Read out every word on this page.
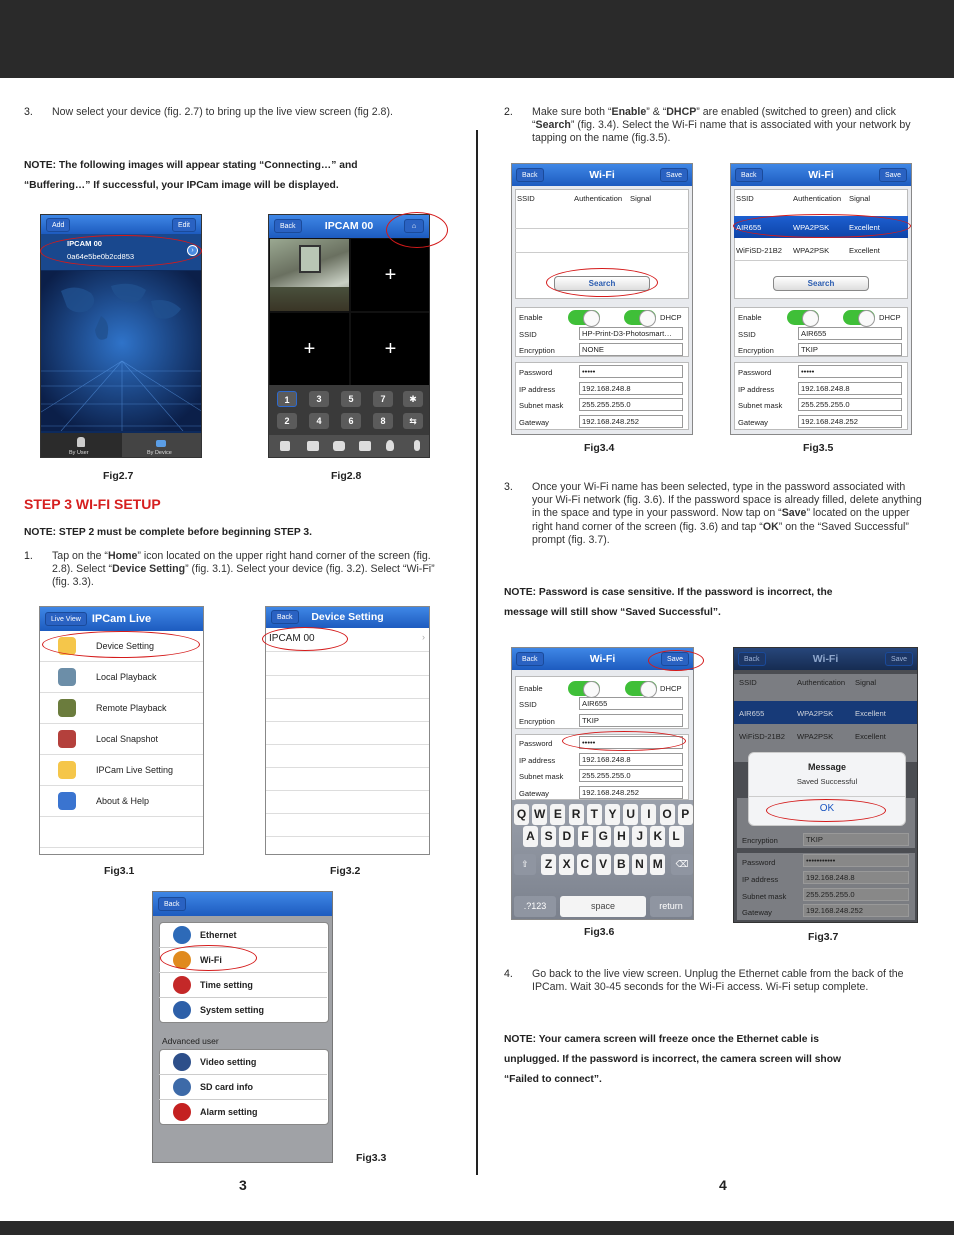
3. Now select your device (fig. 2.7) to bring up the live view screen (fig 2.8).
NOTE: The following images will appear stating “Connecting…” and
“Buffering…” If successful, your IPCam image will be displayed.
Add	Edit
IPCAM 00
0a64e5be0b2cd853
›
By User	By Device
Back	IPCAM 00	⌂
+
+	+
1	3	5	7	✱
2	4	6	8	⇆
Fig2.7	Fig2.8
STEP 3 WI-FI SETUP
NOTE: STEP 2 must be complete before beginning STEP 3.
1. Tap on the “Home” icon located on the upper right hand corner of the screen (fig. 2.8). Select “Device Setting” (fig. 3.1). Select your device (fig. 3.2). Select “Wi-Fi” (fig. 3.3).
Live View	IPCam Live
Device Setting
Local Playback
Remote Playback
Local Snapshot
IPCam Live Setting
About & Help
Back	Device Setting
IPCAM 00	›
Fig3.1	Fig3.2
Back
Ethernet
Wi-Fi
Time setting
System setting
Advanced user
Video setting
SD card info
Alarm setting
Fig3.3
3
2. Make sure both “Enable” & “DHCP” are enabled (switched to green) and click “Search” (fig. 3.4). Select the Wi-Fi name that is associated with your network by tapping on the name (fig.3.5).
Back	Wi-Fi	Save
SSID	Authentication Signal
Search
Enable	DHCP
SSID	HP-Print-D3-Photosmart…
Encryption	NONE
Password	•••••
IP address	192.168.248.8
Subnet mask	255.255.255.0
Gateway	192.168.248.252
Back	Wi-Fi	Save
SSID	Authentication Signal
AIR655	WPA2PSK	Excellent
WiFiSD-21B2 WPA2PSK	Excellent
Search
Enable	DHCP
SSID	AIR655
Encryption	TKIP
Password	•••••
IP address	192.168.248.8
Subnet mask	255.255.255.0
Gateway	192.168.248.252
Fig3.4	Fig3.5
3. Once your Wi-Fi name has been selected, type in the password associated with your Wi-Fi network (fig. 3.6). If the password space is already filled, delete anything in the space and type in your password. Now tap on “Save” located on the upper right hand corner of the screen (fig. 3.6) and tap “OK” on the “Saved Successful” prompt (fig. 3.7).
NOTE: Password is case sensitive. If the password is incorrect, the
message will still show “Saved Successful”.
Back	Wi-Fi	Save
Enable	DHCP
SSID	AIR655
Encryption	TKIP
Password	•••••
IP address	192.168.248.8
Subnet mask	255.255.255.0
Gateway	192.168.248.252
Q W E R T Y U	I O P
A S D F G H J K L
Z X C V B N M
⇧	⌫
.?123	space	return
Back	Wi-Fi	Save
SSID	Authentication Signal
AIR655	WPA2PSK	Excellent
WiFiSD-21B2 WPA2PSK	Excellent
Encryption	TKIP
Password	•••••••••••
IP address	192.168.248.8
Subnet mask	255.255.255.0
Gateway	192.168.248.252
Message
Saved Successful
OK
Fig3.6	Fig3.7
4. Go back to the live view screen. Unplug the Ethernet cable from the back of the IPCam. Wait 30-45 seconds for the Wi-Fi access. Wi-Fi setup complete.
NOTE: Your camera screen will freeze once the Ethernet cable is
unplugged. If the password is incorrect, the camera screen will show
“Failed to connect”.
4
